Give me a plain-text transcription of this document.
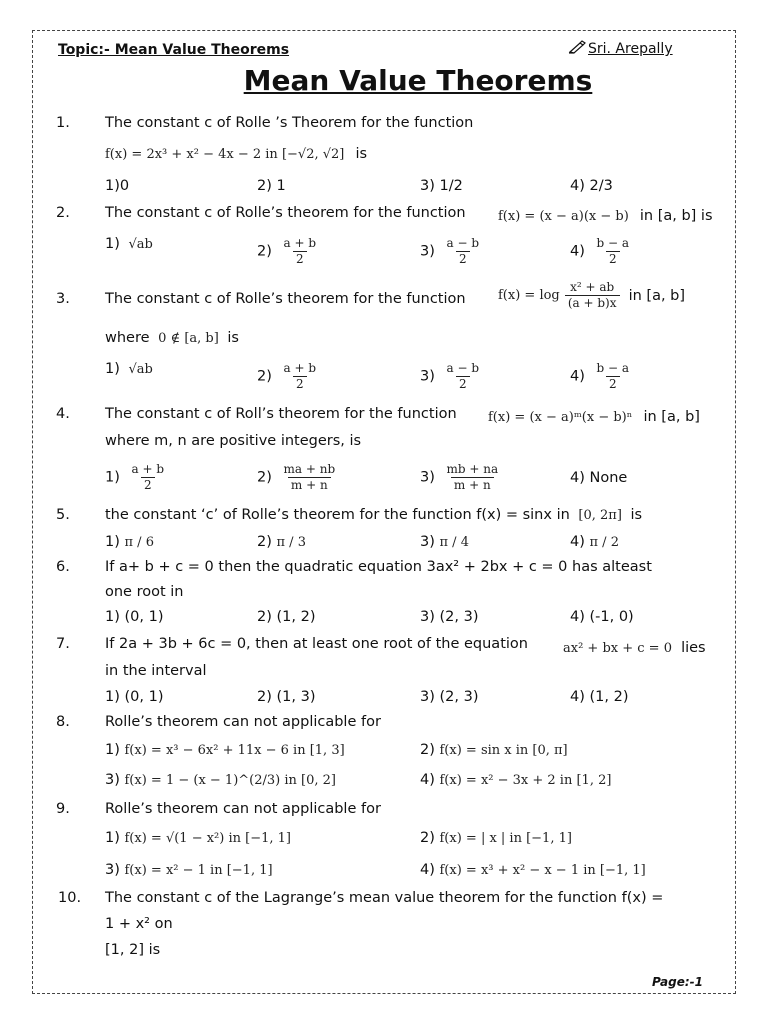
Topic:- Mean Value Theorems	Sri. Arepally
Mean Value Theorems
1. The constant c of Rolle ’s Theorem for the function
f(x) = 2x³ + x² − 4x − 2 in [−√2, √2] is
1)0	2) 1	3) 1/2	4) 2/3
2. The constant c of Rolle’s theorem for the function f(x) = (x − a)(x − b) in [a, b] is
1) √ab	$2) \frac{a + b}{2}$	$3) \frac{a - b}{2}$	$4) \frac{b - a}{2}$
3. The constant c of Rolle’s theorem for the function $f(x) = \log \frac{\text{x² + ab}}{(a + b)x}$ in [a, b]
where 0 ∉ [a, b] is
1) √ab	$2) \frac{a + b}{2}$	$3) \frac{a - b}{2}$	$4) \frac{b - a}{2}$
4. The constant c of Roll’s theorem for the function f(x) = (x − a)ᵐ(x − b)ⁿ in [a, b]
where m, n are positive integers, is
$1) \frac{a + b}{2}$	$2) \frac{ma + nb}{m + n}$	$3) \frac{mb + na}{m + n}$	4) None
5. the constant ‘c’ of Rolle’s theorem for the function f(x) = sinx in [0, 2π] is
1) π / 6	2) π / 3	3) π / 4	4) π / 2
6. If a+ b + c = 0 then the quadratic equation 3ax² + 2bx + c = 0 has alteast
one root in
1) (0, 1)	2) (1, 2)	3) (2, 3)	4) (-1, 0)
7. If 2a + 3b + 6c = 0, then at least one root of the equation	ax² + bx + c = 0 lies
in the interval
1) (0, 1)	2) (1, 3)	3) (2, 3)	4) (1, 2)
8. Rolle’s theorem can not applicable for
1) f(x) = x³ − 6x² + 11x − 6 in [1, 3]	2) f(x) = sin x in [0, π]
3) f(x) = 1 − (x − 1)^(2/3) in [0, 2]	4) f(x) = x² − 3x + 2 in [1, 2]
9. Rolle’s theorem can not applicable for
1) f(x) = √(1 − x²) in [−1, 1]	2) f(x) = | x | in [−1, 1]
3) f(x) = x² − 1 in [−1, 1]	4) f(x) = x³ + x² − x − 1 in [−1, 1]
10. The constant c of the Lagrange’s mean value theorem for the function f(x) =
1 + x² on
[1, 2] is
Page:-1
